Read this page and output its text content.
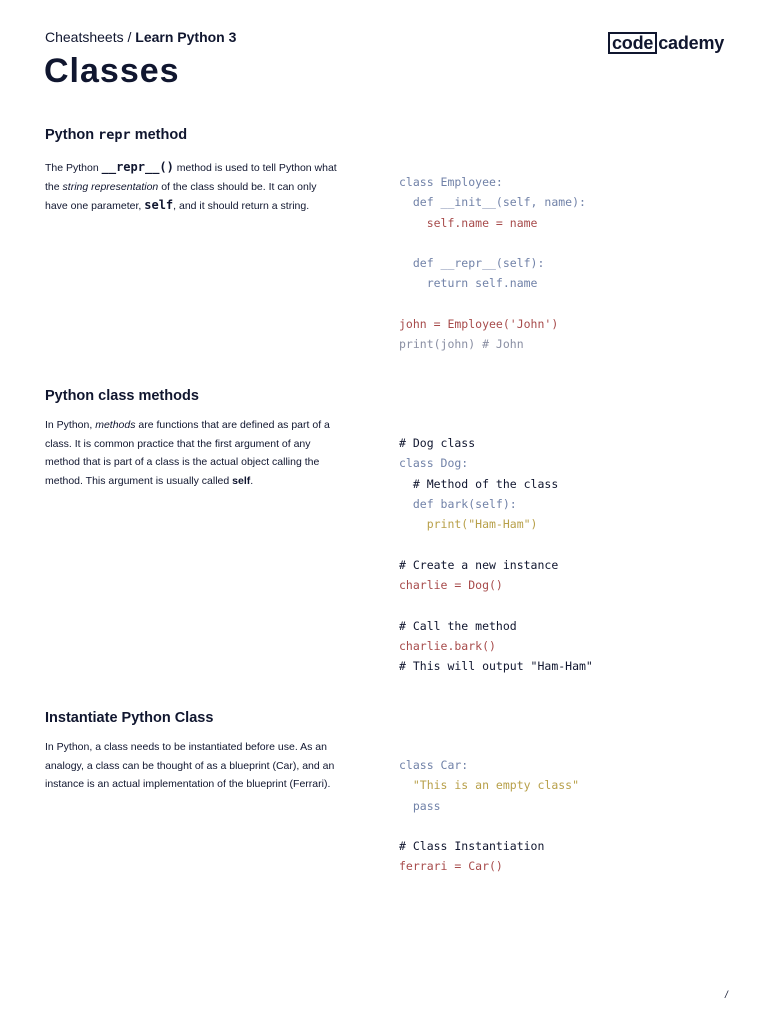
Cheatsheets / Learn Python 3	code cademy
Classes
Python repr method

The Python __repr__() method is used to tell Python what the string representation of the class should be. It can only have one parameter, self, and it should return a string.

class Employee:
def __init__(self, name):
self.name = name

def __repr__(self):
return self.name

john = Employee('John')
print(john) # John
Python class methods

In Python, methods are functions that are defined as part of a class. It is common practice that the first argument of any method that is part of a class is the actual object calling the method. This argument is usually called self.

# Dog class
class Dog:
# Method of the class
def bark(self):
print("Ham-Ham")

# Create a new instance
charlie = Dog()

# Call the method
charlie.bark()
# This will output "Ham-Ham"
Instantiate Python Class

In Python, a class needs to be instantiated before use. As an analogy, a class can be thought of as a blueprint (Car), and an instance is an actual implementation of the blueprint (Ferrari).

class Car:
"This is an empty class"
pass

# Class Instantiation
ferrari = Car()
/
